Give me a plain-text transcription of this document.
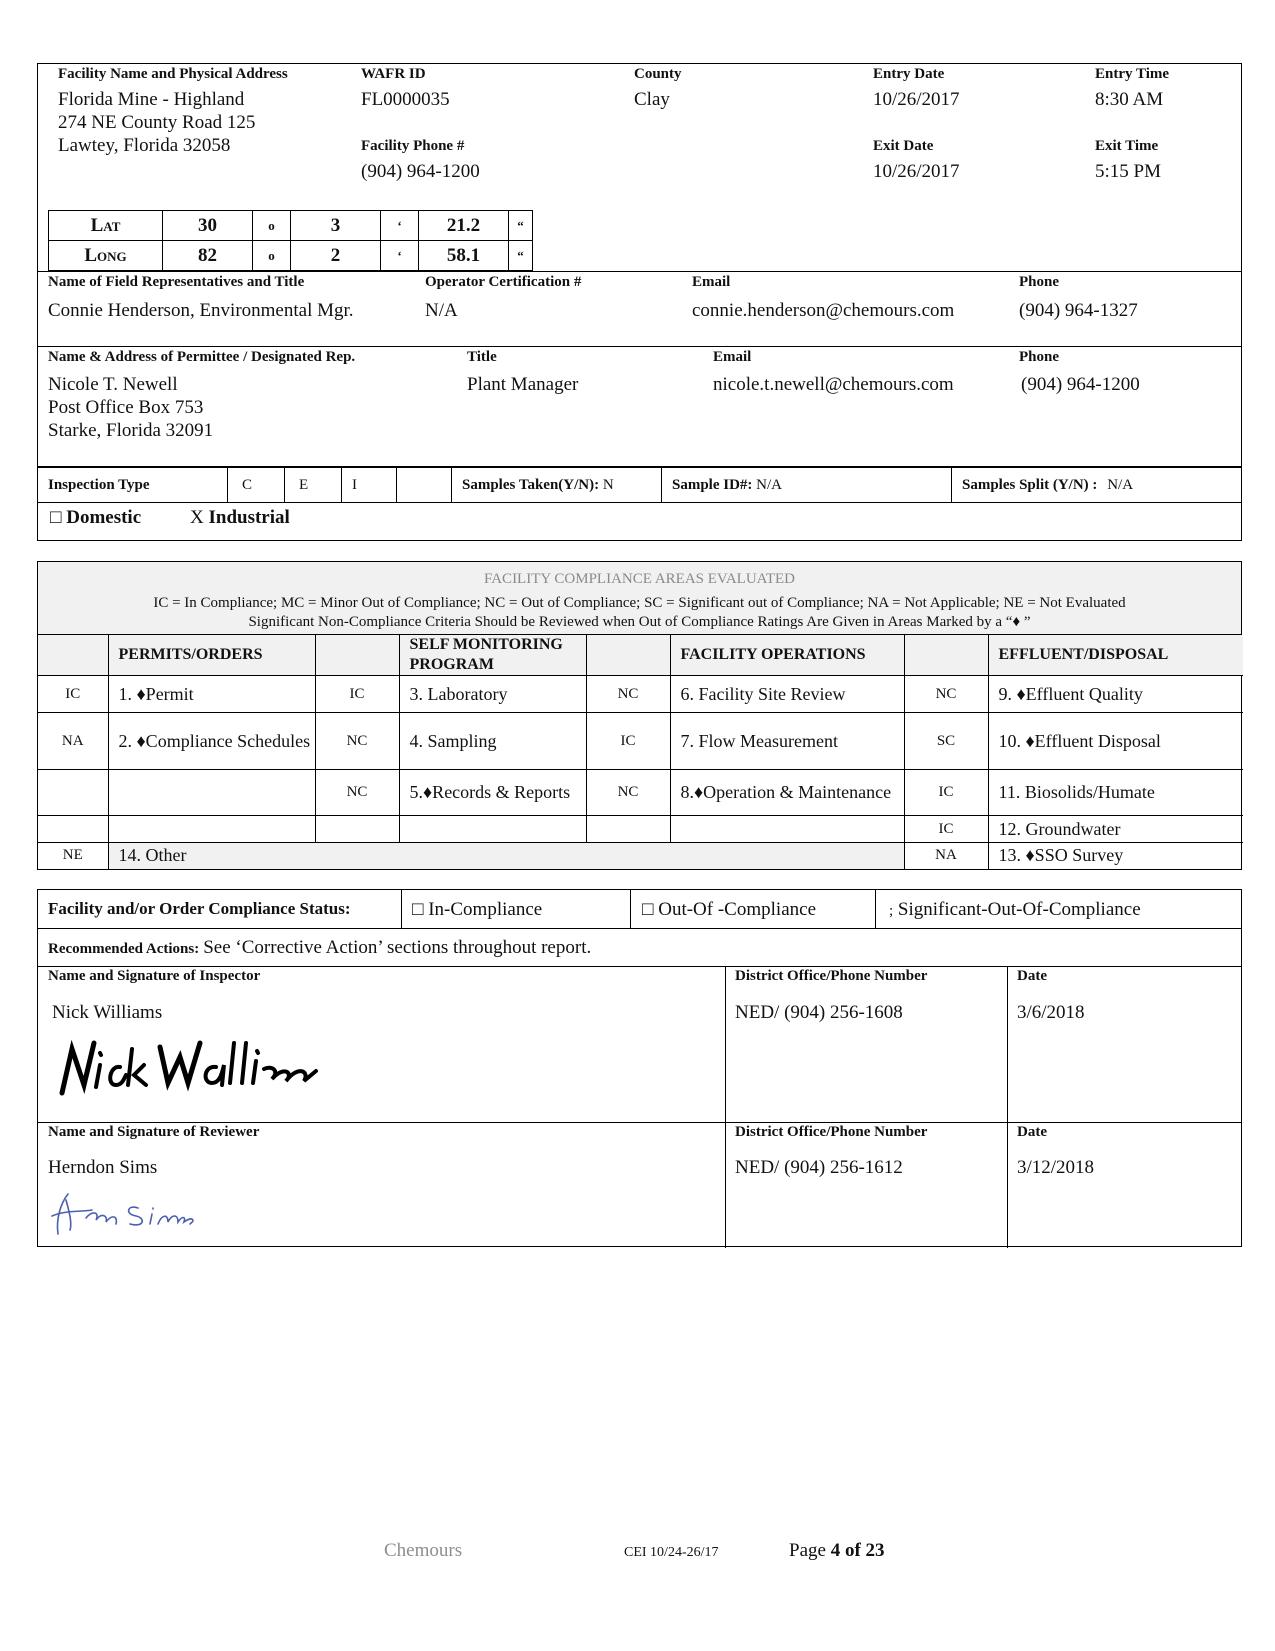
Facility Name and Physical Address
Florida Mine - Highland
274 NE County Road 125
Lawtey, Florida 32058
WAFR ID
FL0000035
Facility Phone #
(904) 964-1200
County
Clay
Entry Date
10/26/2017
Exit Date
10/26/2017
Entry Time
8:30 AM
Exit Time
5:15 PM
Lat	30	o	3	‘	21.2	“
Long	82	o	2	‘	58.1	“
Name of Field Representatives and Title
Connie Henderson, Environmental Mgr.
Operator Certification #
N/A
Email
connie.henderson@chemours.com
Phone
(904) 964-1327
Name & Address of Permittee / Designated Rep.
Nicole T. Newell
Post Office Box 753
Starke, Florida 32091
Title
Plant Manager
Email
nicole.t.newell@chemours.com
Phone
(904) 964-1200
Inspection Type	C	E	I	Samples Taken(Y/N): N	Sample ID#: N/A	Samples Split (Y/N) : N/A
□ Domestic	X Industrial
FACILITY COMPLIANCE AREAS EVALUATED
IC = In Compliance; MC = Minor Out of Compliance; NC = Out of Compliance; SC = Significant out of Compliance; NA = Not Applicable; NE = Not Evaluated
Significant Non-Compliance Criteria Should be Reviewed when Out of Compliance Ratings Are Given in Areas Marked by a “♦ ”
	PERMITS/ORDERS		SELF MONITORING PROGRAM		FACILITY OPERATIONS		EFFLUENT/DISPOSAL
IC	1. ♦Permit	IC	3. Laboratory	NC	6. Facility Site Review	NC	9. ♦Effluent Quality
NA	2. ♦Compliance Schedules	NC	4. Sampling	IC	7. Flow Measurement	SC	10. ♦Effluent Disposal
		NC	5.♦Records & Reports	NC	8.♦Operation & Maintenance	IC	11. Biosolids/Humate
						IC	12. Groundwater
NE	14. Other					NA	13. ♦SSO Survey
Facility and/or Order Compliance Status:	□ In-Compliance	□ Out-Of -Compliance	; Significant-Out-Of-Compliance
Recommended Actions: See ‘Corrective Action’ sections throughout report.
Name and Signature of Inspector
Nick Williams
District Office/Phone Number
NED/ (904) 256-1608
Date
3/6/2018
Name and Signature of Reviewer
Herndon Sims
District Office/Phone Number
NED/ (904) 256-1612
Date
3/12/2018
Chemours	CEI 10/24-26/17	Page 4 of 23
